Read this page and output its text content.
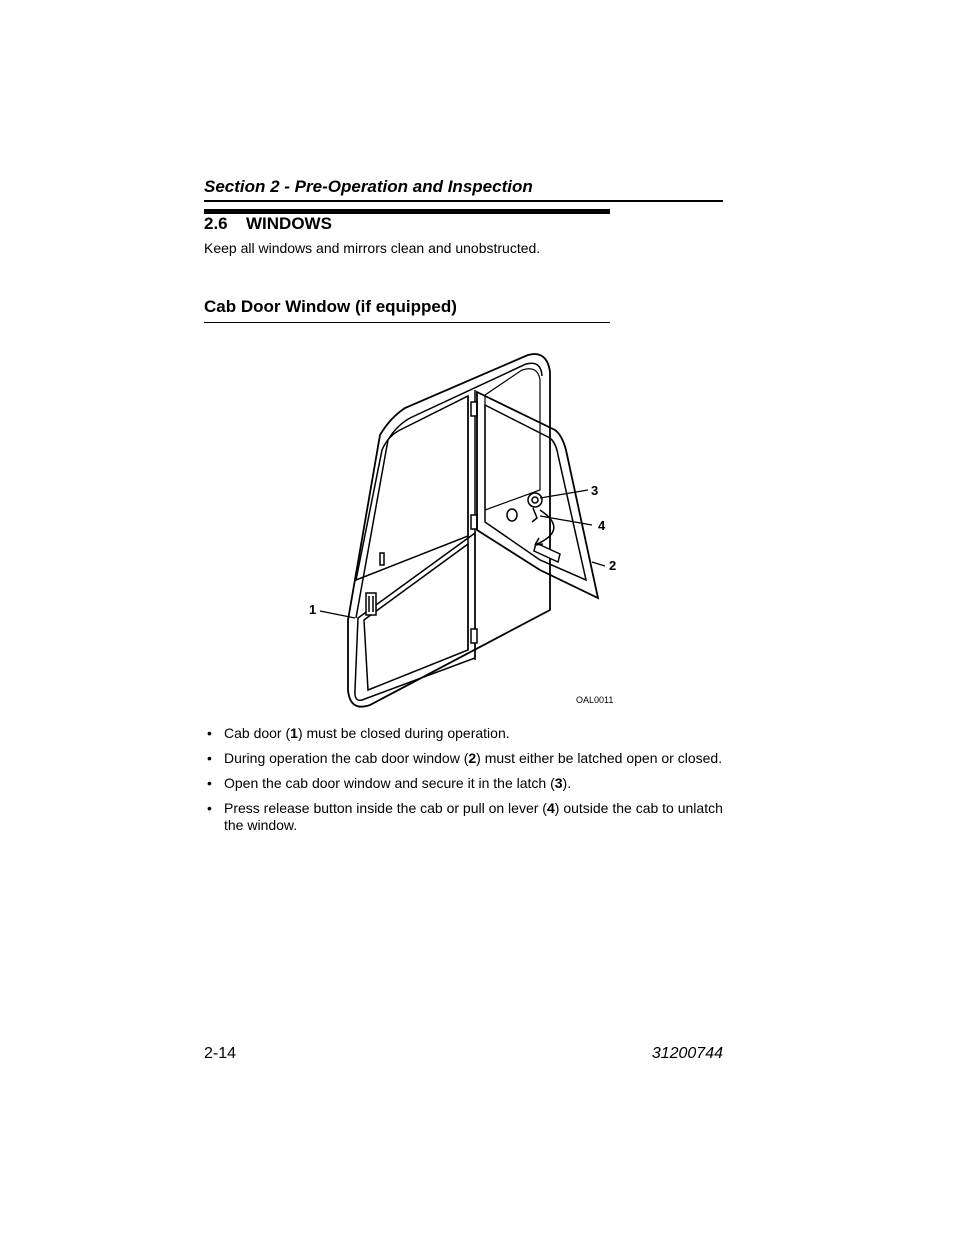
Section 2 - Pre-Operation and Inspection
2.6 WINDOWS
Keep all windows and mirrors clean and unobstructed.
Cab Door Window (if equipped)
1
2
3
4
OAL0011
• Cab door (1) must be closed during operation.
• During operation the cab door window (2) must either be latched open or closed.
• Open the cab door window and secure it in the latch (3).
• Press release button inside the cab or pull on lever (4) outside the cab to unlatch the window.
2-14	31200744
